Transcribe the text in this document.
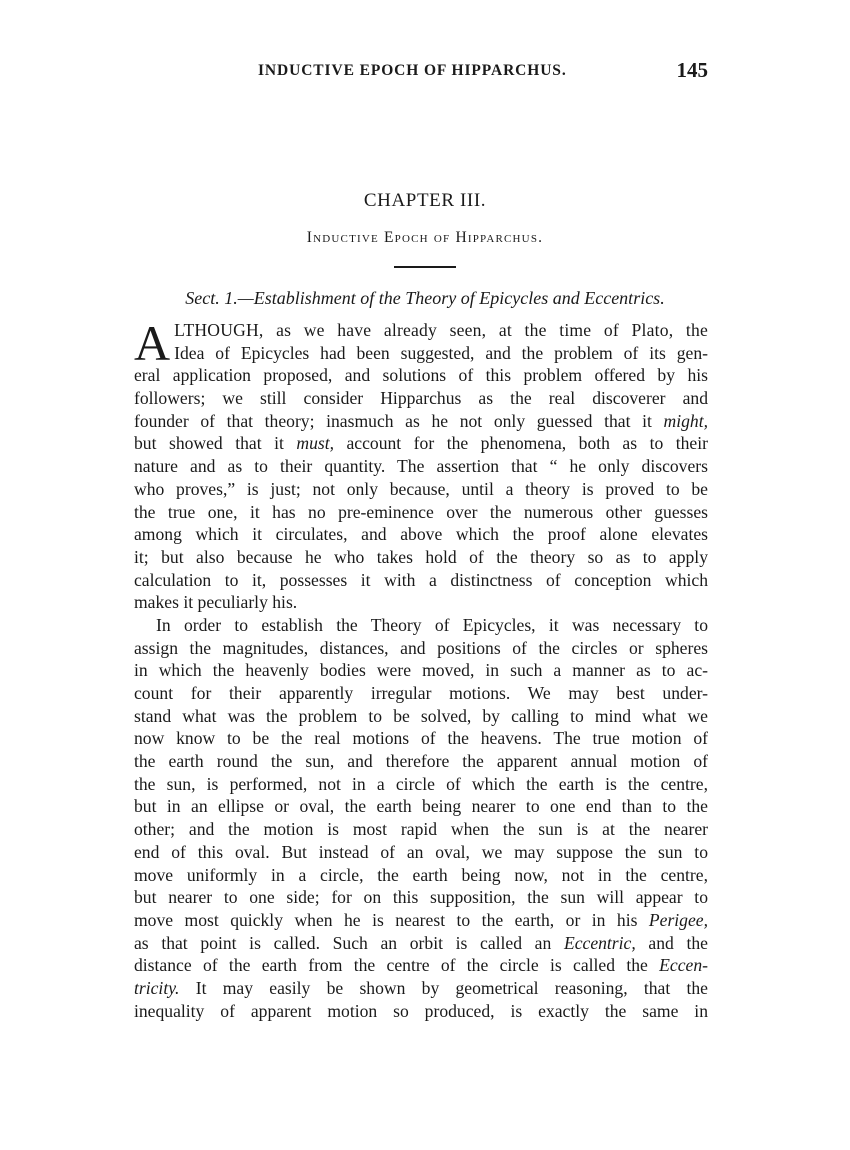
INDUCTIVE EPOCH OF HIPPARCHUS.	145
CHAPTER III.
Inductive Epoch of Hipparchus.
Sect. 1.—Establishment of the Theory of Epicycles and Eccentrics.
A LTHOUGH, as we have already seen, at the time of Plato, the
Idea of Epicycles had been suggested, and the problem of its gen-
eral application proposed, and solutions of this problem offered by his
followers; we still consider Hipparchus as the real discoverer and
founder of that theory; inasmuch as he not only guessed that it might,
but showed that it must, account for the phenomena, both as to their
nature and as to their quantity. The assertion that “ he only discovers
who proves,” is just; not only because, until a theory is proved to be
the true one, it has no pre-eminence over the numerous other guesses
among which it circulates, and above which the proof alone elevates
it; but also because he who takes hold of the theory so as to apply
calculation to it, possesses it with a distinctness of conception which
makes it peculiarly his.
In order to establish the Theory of Epicycles, it was necessary to
assign the magnitudes, distances, and positions of the circles or spheres
in which the heavenly bodies were moved, in such a manner as to ac-
count for their apparently irregular motions. We may best under-
stand what was the problem to be solved, by calling to mind what we
now know to be the real motions of the heavens. The true motion of
the earth round the sun, and therefore the apparent annual motion of
the sun, is performed, not in a circle of which the earth is the centre,
but in an ellipse or oval, the earth being nearer to one end than to the
other; and the motion is most rapid when the sun is at the nearer
end of this oval. But instead of an oval, we may suppose the sun to
move uniformly in a circle, the earth being now, not in the centre,
but nearer to one side; for on this supposition, the sun will appear to
move most quickly when he is nearest to the earth, or in his Perigee,
as that point is called. Such an orbit is called an Eccentric, and the
distance of the earth from the centre of the circle is called the Eccen-
tricity. It may easily be shown by geometrical reasoning, that the
inequality of apparent motion so produced, is exactly the same in
